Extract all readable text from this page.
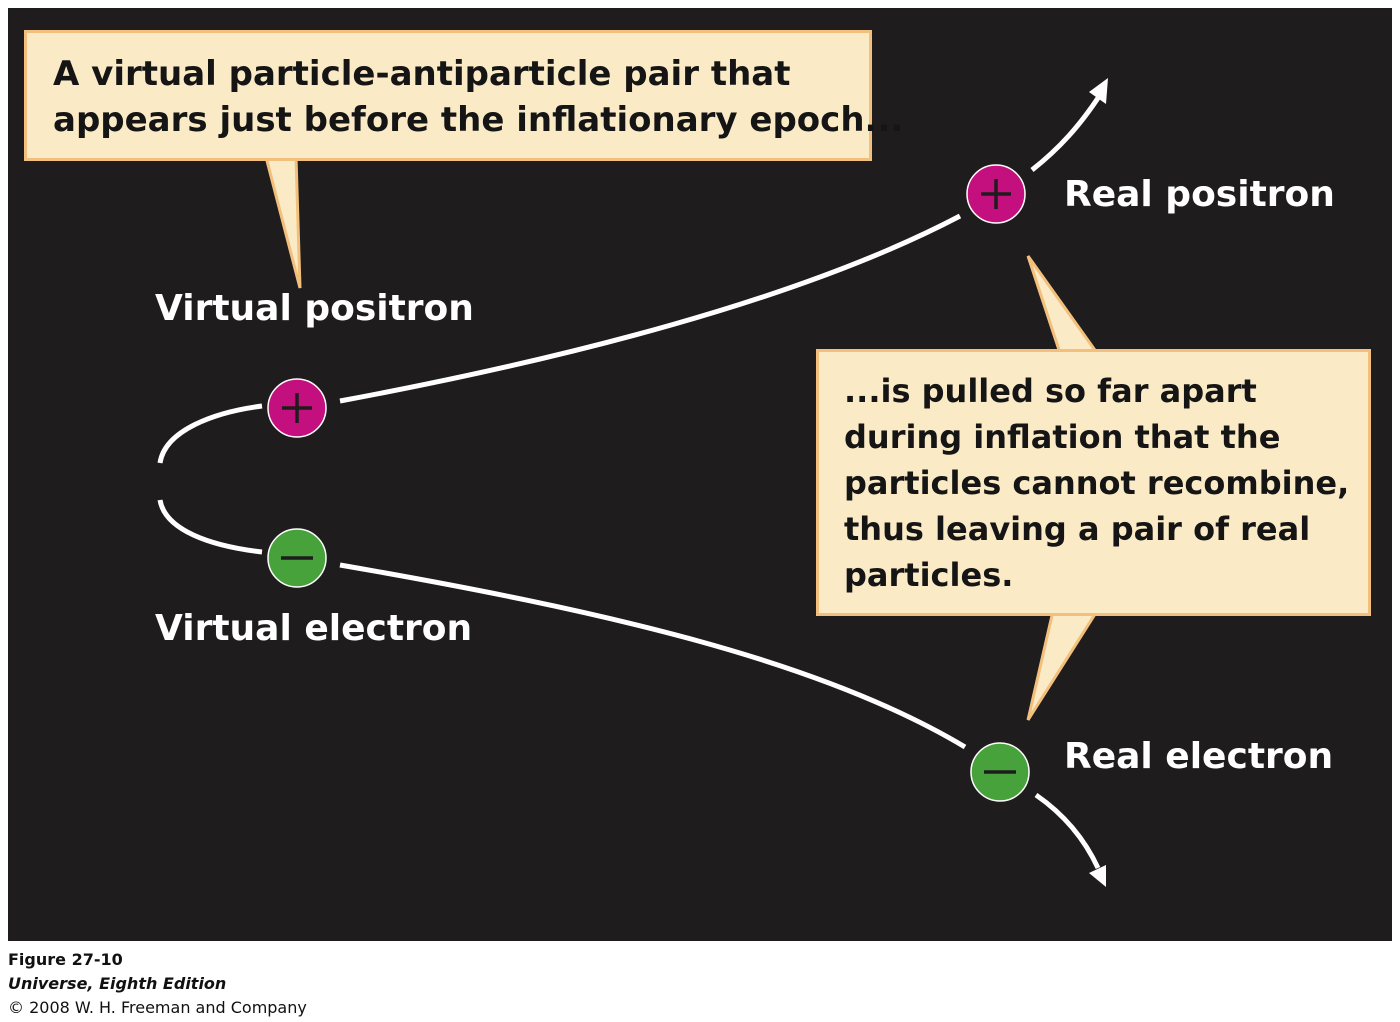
A virtual particle-antiparticle pair that
appears just before the inflationary epoch...
...is pulled so far apart
during inflation that the
particles cannot recombine,
thus leaving a pair of real
particles.
Virtual positron
Virtual electron
Real positron
Real electron
Figure 27-10
Universe, Eighth Edition
© 2008 W. H. Freeman and Company
